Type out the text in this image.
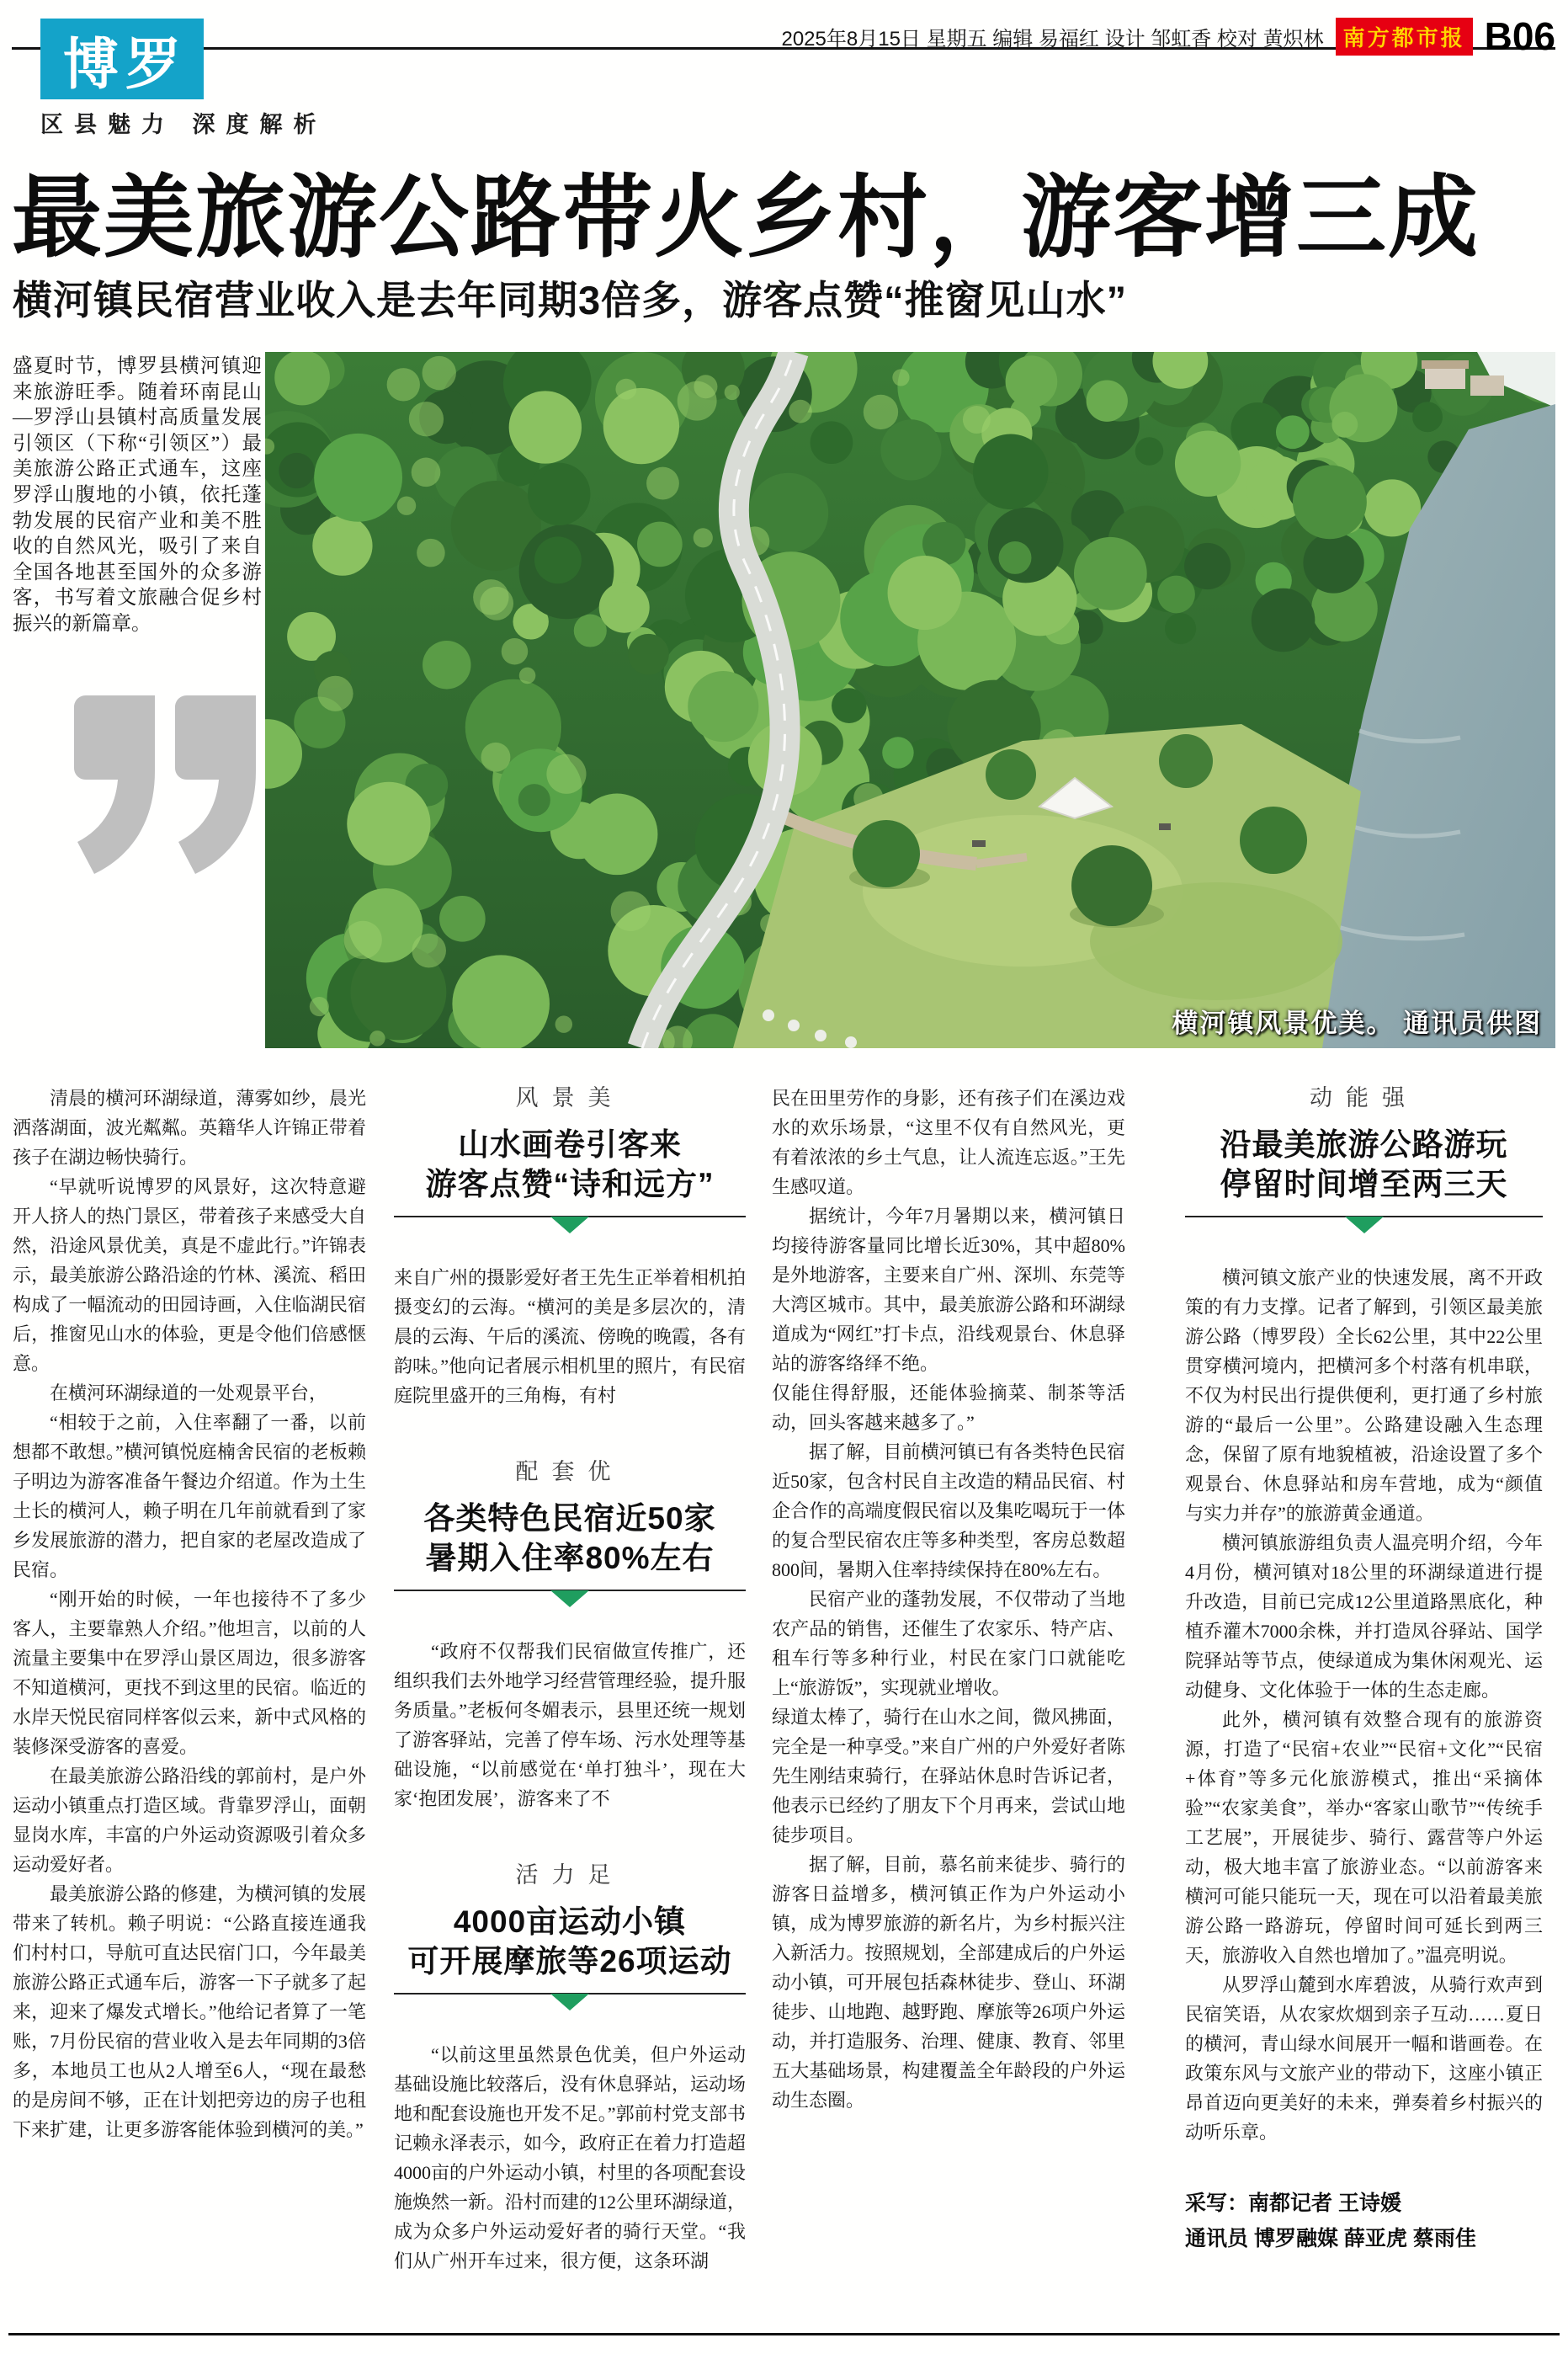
博罗
区县魅力 深度解析
2025年8月15日 星期五 编辑 易福红 设计 邹虹香 校对 黄炽林 南方都市报 B06
最美旅游公路带火乡村，游客增三成
横河镇民宿营业收入是去年同期3倍多，游客点赞“推窗见山水”
盛夏时节，博罗县横河镇迎来旅游旺季。随着环南昆山—罗浮山县镇村高质量发展引领区（下称“引领区”）最美旅游公路正式通车，这座罗浮山腹地的小镇，依托蓬勃发展的民宿产业和美不胜收的自然风光，吸引了来自全国各地甚至国外的众多游客，书写着文旅融合促乡村振兴的新篇章。
横河镇风景优美。 通讯员供图

清晨的横河环湖绿道，薄雾如纱，晨光洒落湖面，波光粼粼。英籍华人许锦正带着孩子在湖边畅快骑行。

“早就听说博罗的风景好，这次特意避开人挤人的热门景区，带着孩子来感受大自然，沿途风景优美，真是不虚此行。”许锦表示，最美旅游公路沿途的竹林、溪流、稻田构成了一幅流动的田园诗画，入住临湖民宿后，推窗见山水的体验，更是令他们倍感惬意。

在横河环湖绿道的一处观景平台，

“相较于之前，入住率翻了一番，以前想都不敢想。”横河镇悦庭楠舍民宿的老板赖子明边为游客准备午餐边介绍道。作为土生土长的横河人，赖子明在几年前就看到了家乡发展旅游的潜力，把自家的老屋改造成了民宿。

“刚开始的时候，一年也接待不了多少客人，主要靠熟人介绍。”他坦言，以前的人流量主要集中在罗浮山景区周边，很多游客不知道横河，更找不到这里的民宿。临近的水岸天悦民宿同样客似云来，新中式风格的装修深受游客的喜爱。

在最美旅游公路沿线的郭前村，是户外运动小镇重点打造区域。背靠罗浮山，面朝显岗水库，丰富的户外运动资源吸引着众多运动爱好者。

最美旅游公路的修建，为横河镇的发展带来了转机。赖子明说：“公路直接连通我们村村口，导航可直达民宿门口，今年最美旅游公路正式通车后，游客一下子就多了起来，迎来了爆发式增长。”他给记者算了一笔账，7月份民宿的营业收入是去年同期的3倍多，本地员工也从2人增至6人，“现在最愁的是房间不够，正在计划把旁边的房子也租下来扩建，让更多游客能体验到横河的美。”

风景美
山水画卷引客来
游客点赞“诗和远方”

来自广州的摄影爱好者王先生正举着相机拍摄变幻的云海。“横河的美是多层次的，清晨的云海、午后的溪流、傍晚的晚霞，各有韵味。”他向记者展示相机里的照片，有民宿庭院里盛开的三角梅，有村

配套优
各类特色民宿近50家
暑期入住率80%左右

“政府不仅帮我们民宿做宣传推广，还组织我们去外地学习经营管理经验，提升服务质量。”老板何冬媚表示，县里还统一规划了游客驿站，完善了停车场、污水处理等基础设施，“以前感觉在‘单打独斗’，现在大家‘抱团发展’，游客来了不

活力足
4000亩运动小镇
可开展摩旅等26项运动

“以前这里虽然景色优美，但户外运动基础设施比较落后，没有休息驿站，运动场地和配套设施也开发不足。”郭前村党支部书记赖永泽表示，如今，政府正在着力打造超4000亩的户外运动小镇，村里的各项配套设施焕然一新。沿村而建的12公里环湖绿道，成为众多户外运动爱好者的骑行天堂。“我们从广州开车过来，很方便，这条环湖

民在田里劳作的身影，还有孩子们在溪边戏水的欢乐场景，“这里不仅有自然风光，更有着浓浓的乡土气息，让人流连忘返。”王先生感叹道。

据统计，今年7月暑期以来，横河镇日均接待游客量同比增长近30%，其中超80%是外地游客，主要来自广州、深圳、东莞等大湾区城市。其中，最美旅游公路和环湖绿道成为“网红”打卡点，沿线观景台、休息驿站的游客络绎不绝。

仅能住得舒服，还能体验摘菜、制茶等活动，回头客越来越多了。”

据了解，目前横河镇已有各类特色民宿近50家，包含村民自主改造的精品民宿、村企合作的高端度假民宿以及集吃喝玩于一体的复合型民宿农庄等多种类型，客房总数超800间，暑期入住率持续保持在80%左右。

民宿产业的蓬勃发展，不仅带动了当地农产品的销售，还催生了农家乐、特产店、租车行等多种行业，村民在家门口就能吃上“旅游饭”，实现就业增收。

绿道太棒了，骑行在山水之间，微风拂面，完全是一种享受。”来自广州的户外爱好者陈先生刚结束骑行，在驿站休息时告诉记者，他表示已经约了朋友下个月再来，尝试山地徒步项目。

据了解，目前，慕名前来徒步、骑行的游客日益增多，横河镇正作为户外运动小镇，成为博罗旅游的新名片，为乡村振兴注入新活力。按照规划，全部建成后的户外运动小镇，可开展包括森林徒步、登山、环湖徒步、山地跑、越野跑、摩旅等26项户外运动，并打造服务、治理、健康、教育、邻里五大基础场景，构建覆盖全年龄段的户外运动生态圈。

动能强
沿最美旅游公路游玩
停留时间增至两三天

横河镇文旅产业的快速发展，离不开政策的有力支撑。记者了解到，引领区最美旅游公路（博罗段）全长62公里，其中22公里贯穿横河境内，把横河多个村落有机串联，不仅为村民出行提供便利，更打通了乡村旅游的“最后一公里”。公路建设融入生态理念，保留了原有地貌植被，沿途设置了多个观景台、休息驿站和房车营地，成为“颜值与实力并存”的旅游黄金通道。

横河镇旅游组负责人温亮明介绍，今年4月份，横河镇对18公里的环湖绿道进行提升改造，目前已完成12公里道路黑底化，种植乔灌木7000余株，并打造凤谷驿站、国学院驿站等节点，使绿道成为集休闲观光、运动健身、文化体验于一体的生态走廊。

此外，横河镇有效整合现有的旅游资源，打造了“民宿+农业”“民宿+文化”“民宿+体育”等多元化旅游模式，推出“采摘体验”“农家美食”，举办“客家山歌节”“传统手工艺展”，开展徒步、骑行、露营等户外运动，极大地丰富了旅游业态。“以前游客来横河可能只能玩一天，现在可以沿着最美旅游公路一路游玩，停留时间可延长到两三天，旅游收入自然也增加了。”温亮明说。

从罗浮山麓到水库碧波，从骑行欢声到民宿笑语，从农家炊烟到亲子互动……夏日的横河，青山绿水间展开一幅和谐画卷。在政策东风与文旅产业的带动下，这座小镇正昂首迈向更美好的未来，弹奏着乡村振兴的动听乐章。

采写：南都记者 王诗媛
通讯员 博罗融媒 薛亚虎 蔡雨佳
